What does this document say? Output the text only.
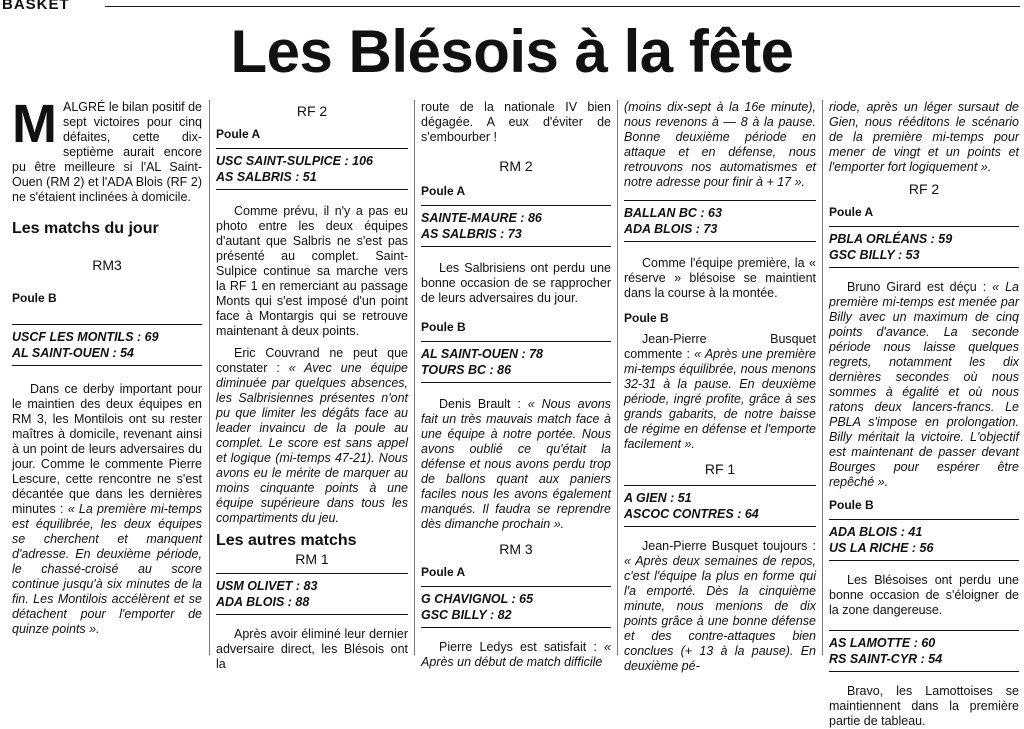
BASKET
Les Blésois à la fête

MALGRÉ le bilan positif de sept victoires pour cinq défaites, cette dix-septième aurait encore pu être meilleure si l'AL Saint-Ouen (RM 2) et l'ADA Blois (RF 2) ne s'étaient inclinées à domicile.

Les matchs du jour
RM3
Poule B
USCF LES MONTILS : 69
AL SAINT-OUEN : 54

Dans ce derby important pour le maintien des deux équipes en RM 3, les Montilois ont su rester maîtres à domicile, revenant ainsi à un point de leurs adversaires du jour. Comme le commente Pierre Lescure, cette rencontre ne s'est décantée que dans les dernières minutes : « La première mi-temps est équilibrée, les deux équipes se cherchent et manquent d'adresse. En deuxième période, le chassé-croisé au score continue jusqu'à six minutes de la fin. Les Montilois accélèrent et se détachent pour l'emporter de quinze points ».

RF 2
Poule A
USC SAINT-SULPICE : 106
AS SALBRIS : 51

Comme prévu, il n'y a pas eu photo entre les deux équipes d'autant que Salbris ne s'est pas présenté au complet. Saint-Sulpice continue sa marche vers la RF 1 en remerciant au passage Monts qui s'est imposé d'un point face à Montargis qui se retrouve maintenant à deux points.

Eric Couvrand ne peut que constater : « Avec une équipe diminuée par quelques absences, les Salbrisiennes présentes n'ont pu que limiter les dégâts face au leader invaincu de la poule au complet. Le score est sans appel et logique (mi-temps 47-21). Nous avons eu le mérite de marquer au moins cinquante points à une équipe supérieure dans tous les compartiments du jeu.

Les autres matchs
RM 1
USM OLIVET : 83
ADA BLOIS : 88

Après avoir éliminé leur dernier adversaire direct, les Blésois ont la

route de la nationale IV bien dégagée. A eux d'éviter de s'embourber !

RM 2
Poule A
SAINTE-MAURE : 86
AS SALBRIS : 73

Les Salbrisiens ont perdu une bonne occasion de se rapprocher de leurs adversaires du jour.

Poule B
AL SAINT-OUEN : 78
TOURS BC : 86

Denis Brault : « Nous avons fait un très mauvais match face à une équipe à notre portée. Nous avons oublié ce qu'était la défense et nous avons perdu trop de ballons quant aux paniers faciles nous les avons également manqués. Il faudra se reprendre dès dimanche prochain ».

RM 3
Poule A
G CHAVIGNOL : 65
GSC BILLY : 82

Pierre Ledys est satisfait : « Après un début de match difficile

(moins dix-sept à la 16e minute), nous revenons à — 8 à la pause. Bonne deuxième période en attaque et en défense, nous retrouvons nos automatismes et notre adresse pour finir à + 17 ».

BALLAN BC : 63
ADA BLOIS : 73

Comme l'équipe première, la « réserve » blésoise se maintient dans la course à la montée.

Poule B

Jean-Pierre Busquet commente : « Après une première mi-temps équilibrée, nous menons 32-31 à la pause. En deuxième période, ingré profite, grâce à ses grands gabarits, de notre baisse de régime en défense et l'emporte facilement ».

RF 1
A GIEN : 51
ASCOC CONTRES : 64

Jean-Pierre Busquet toujours : « Après deux semaines de repos, c'est l'équipe la plus en forme qui l'a emporté. Dès la cinquième minute, nous menions de dix points grâce à une bonne défense et des contre-attaques bien conclues (+ 13 à la pause). En deuxième pé-

riode, après un léger sursaut de Gien, nous rééditons le scénario de la première mi-temps pour mener de vingt et un points et l'emporter fort logiquement ».

RF 2
Poule A
PBLA ORLÉANS : 59
GSC BILLY : 53

Bruno Girard est déçu : « La première mi-temps est menée par Billy avec un maximum de cinq points d'avance. La seconde période nous laisse quelques regrets, notamment les dix dernières secondes où nous sommes à égalité et où nous ratons deux lancers-francs. Le PBLA s'impose en prolongation. Billy méritait la victoire. L'objectif est maintenant de passer devant Bourges pour espérer être repêché ».

Poule B
ADA BLOIS : 41
US LA RICHE : 56

Les Blésoises ont perdu une bonne occasion de s'éloigner de la zone dangereuse.

AS LAMOTTE : 60
RS SAINT-CYR : 54

Bravo, les Lamottoises se maintiennent dans la première partie de tableau.
